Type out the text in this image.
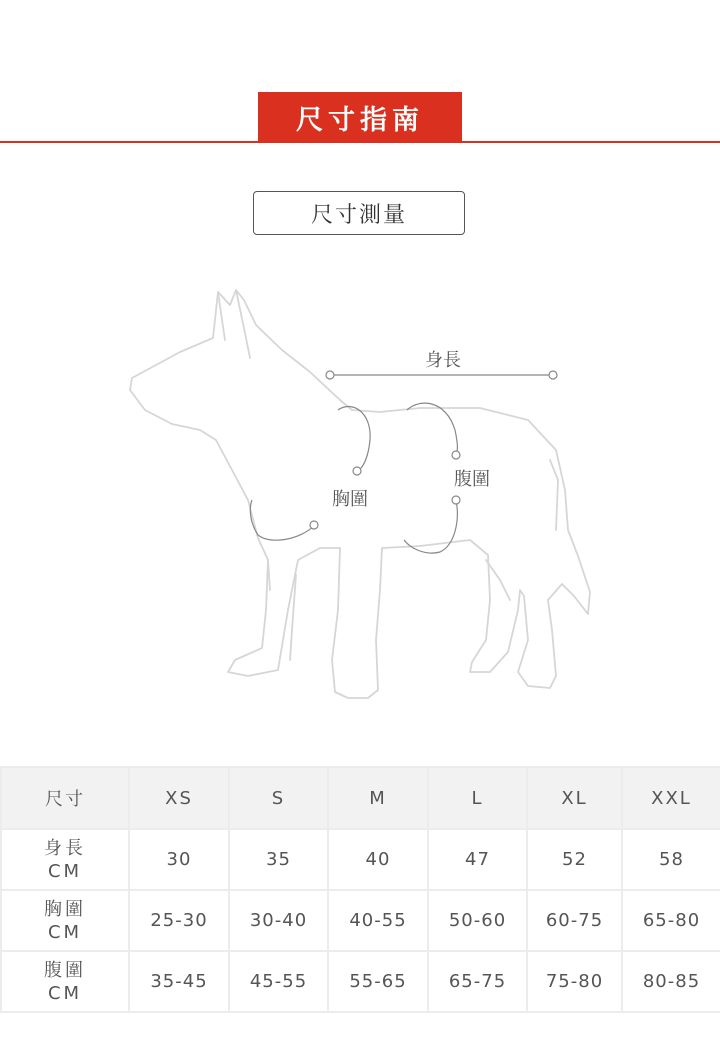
尺寸指南
尺寸測量
身長
胸圍
腹圍
尺寸	XS	S	M	L	XL	XXL

身長
CM	30	35	40	47	52	58

胸圍
CM	25-30	30-40	40-55	50-60	60-75	65-80

腹圍
CM	35-45	45-55	55-65	65-75	75-80	80-85
